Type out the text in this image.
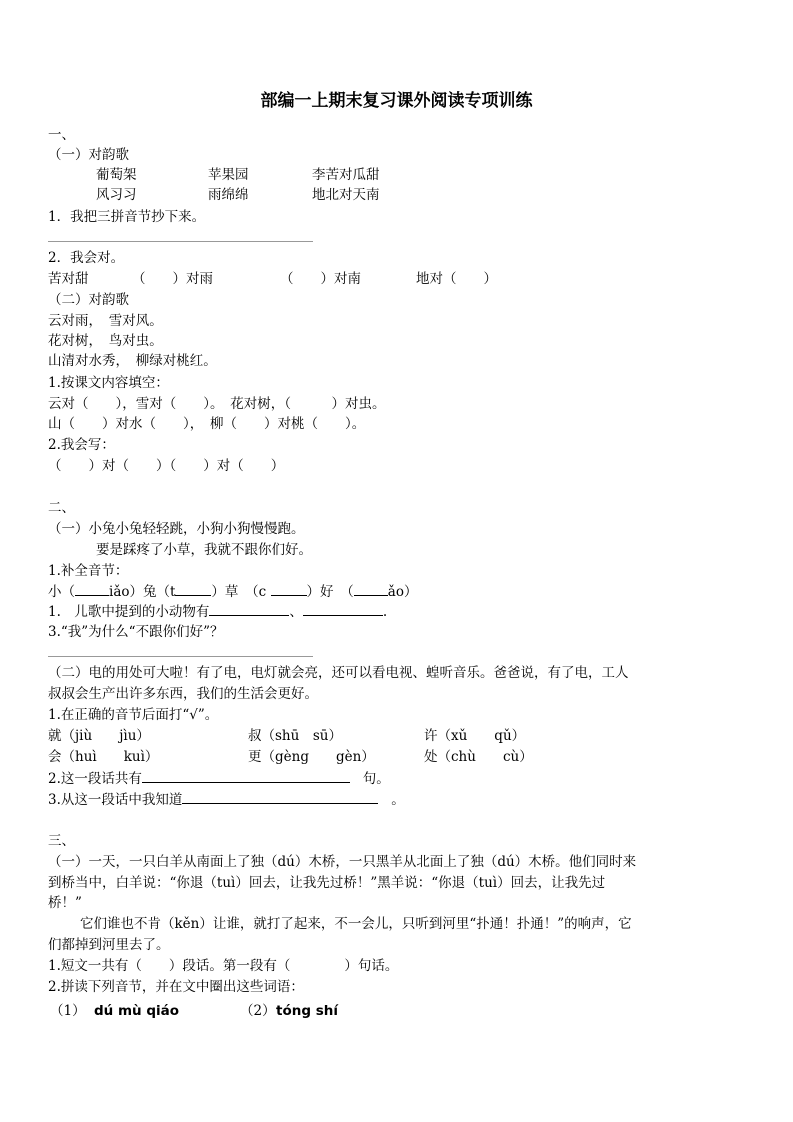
部编一上期末复习课外阅读专项训练
一、
（一）对韵歌
葡萄架	苹果园	李苦对瓜甜
风习习	雨绵绵	地北对天南
1．我把三拼音节抄下来。
2．我会对。
苦对甜	（　　）对雨	（　　）对南	地对（　　）
（二）对韵歌
云对雨，　雪对风。
花对树，　鸟对虫。
山清对水秀，　柳绿对桃红。
1.按课文内容填空：
云对（　　），雪对（　　）。　花对树，（　　　）对虫。
山（　　）对水（　　），　柳（　　）对桃（　　）。
2.我会写：
（　　）对（　　）（　　）对（　　）
二、
（一）小兔小兔轻轻跳，小狗小狗慢慢跑。
要是踩疼了小草，我就不跟你们好。
1.补全音节：
小（	iǎo）兔（t	）草　（c	）好　（	ǎo）
1.　儿歌中提到的小动物有	、	.
3.“我”为什么“不跟你们好”？
（二）电的用处可大啦！有了电，电灯就会亮，还可以看电视、蝗听音乐。爸爸说，有了电，工人
叔叔会生产出许多东西，我们的生活会更好。
1.在正确的音节后面打“√”。
就（jiù　　jìu）	叔（shū　sū）	许（xǔ　　qǔ）
会（huì　　kuì）	更（gèng　　gèn）	处（chù　　cù）
2.这一段话共有	句。
3.从这一段话中我知道	。
三、
（一）一天，一只白羊从南面上了独（dú）木桥，一只黑羊从北面上了独（dú）木桥。他们同时来
到桥当中，白羊说：“你退（tuì）回去，让我先过桥！”黑羊说：“你退（tuì）回去，让我先过
桥！”
它们谁也不肯（kěn）让谁，就打了起来，不一会儿，只听到河里“扑通！扑通！”的响声，它
们都掉到河里去了。
1.短文一共有（　　）段话。第一段有（　　　　）句话。
2.拼读下列音节，并在文中圈出这些词语：
（1） dú mù qiáo	（2） tóng shí
